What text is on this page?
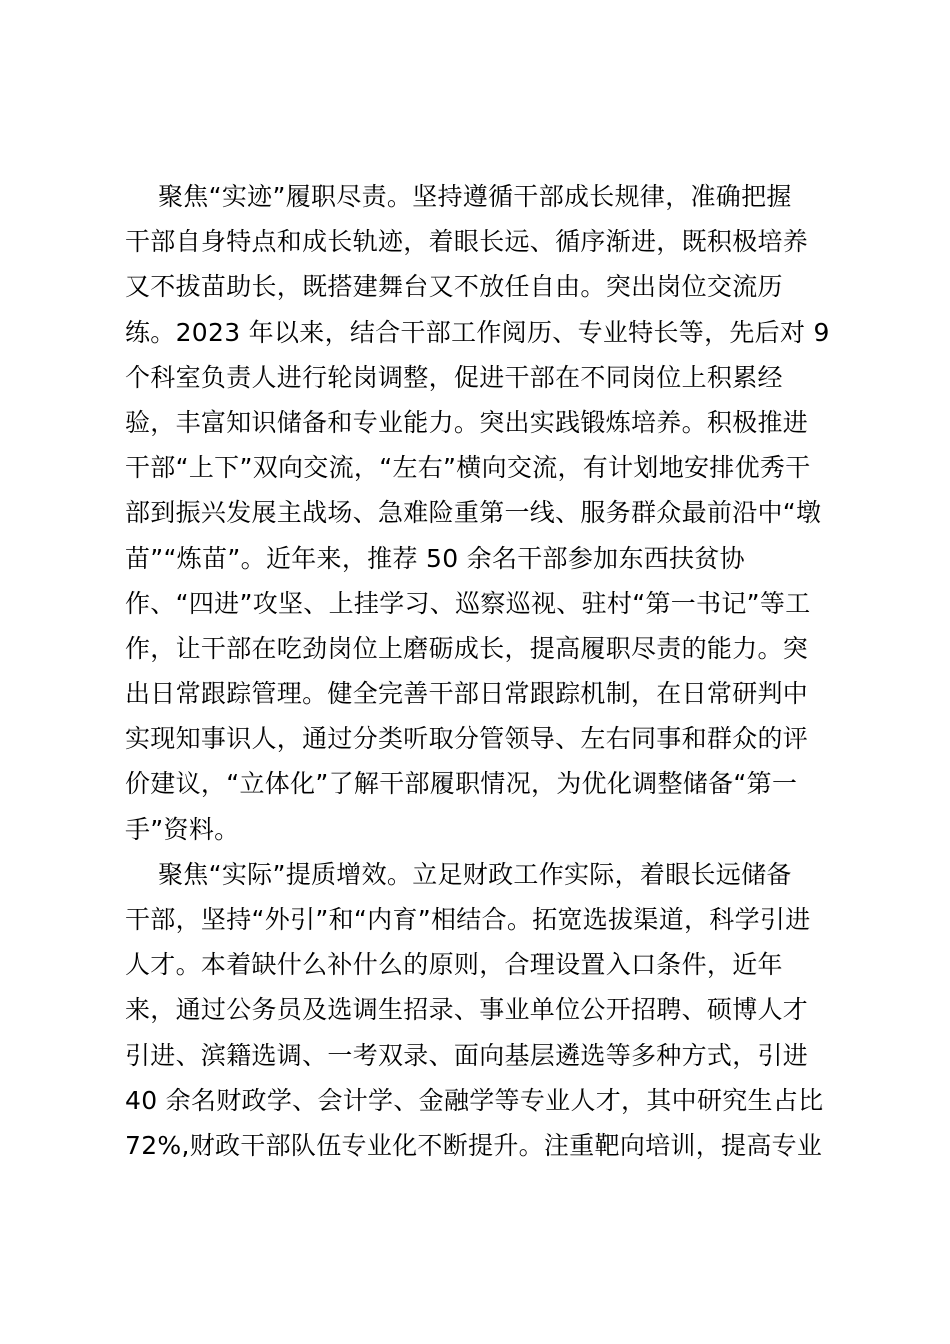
聚焦“实迹”履职尽责。坚持遵循干部成长规律，准确把握
干部自身特点和成长轨迹，着眼长远、循序渐进，既积极培养
又不拔苗助长，既搭建舞台又不放任自由。突出岗位交流历
练。2023 年以来，结合干部工作阅历、专业特长等，先后对 9
个科室负责人进行轮岗调整，促进干部在不同岗位上积累经
验，丰富知识储备和专业能力。突出实践锻炼培养。积极推进
干部“上下”双向交流，“左右”横向交流，有计划地安排优秀干
部到振兴发展主战场、急难险重第一线、服务群众最前沿中“墩
苗”“炼苗”。近年来，推荐 50 余名干部参加东西扶贫协
作、“四进”攻坚、上挂学习、巡察巡视、驻村“第一书记”等工
作，让干部在吃劲岗位上磨砺成长，提高履职尽责的能力。突
出日常跟踪管理。健全完善干部日常跟踪机制，在日常研判中
实现知事识人，通过分类听取分管领导、左右同事和群众的评
价建议，“立体化”了解干部履职情况，为优化调整储备“第一
手”资料。
聚焦“实际”提质增效。立足财政工作实际，着眼长远储备
干部，坚持“外引”和“内育”相结合。拓宽选拔渠道，科学引进
人才。本着缺什么补什么的原则，合理设置入口条件，近年
来，通过公务员及选调生招录、事业单位公开招聘、硕博人才
引进、滨籍选调、一考双录、面向基层遴选等多种方式，引进
40 余名财政学、会计学、金融学等专业人才，其中研究生占比
72%,财政干部队伍专业化不断提升。注重靶向培训，提高专业
